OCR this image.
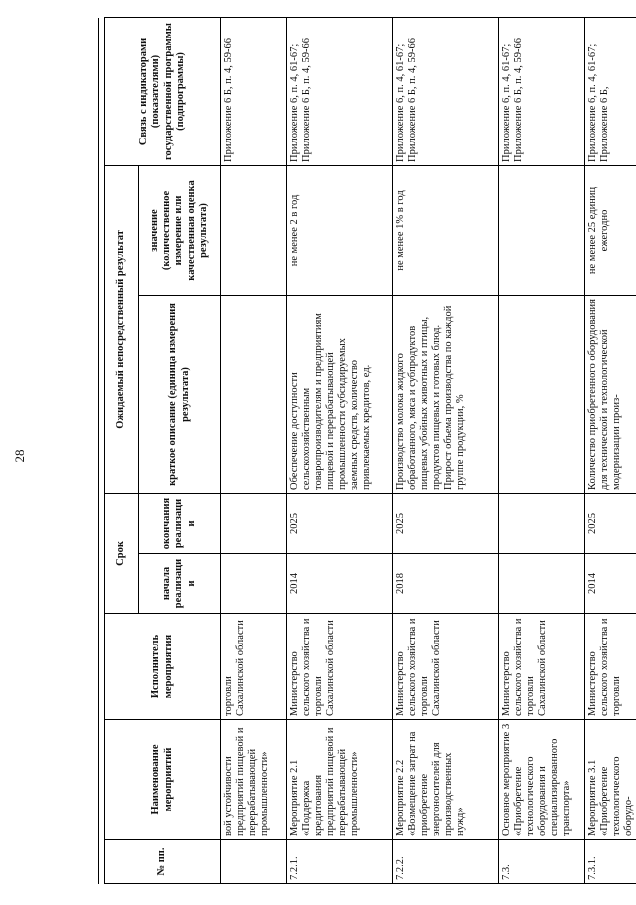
28
№ пп.	Наименование мероприятий	Исполнитель мероприятия	Срок		Ожидаемый непосредственный результат		Связь с индикаторами (показателями) государственной программы (подпрограммы)
			начала реализации	окончания реализации	краткое описание (единица измерения результата)	значение (количественное измерение или качественная оценка результата)	
	вой устойчивости предприятий пищевой и перерабатывающей промышленности»	торговли Сахалинской области					Приложение 6 Б, п. 4, 59-66
7.2.1.	Мероприятие 2.1 «Поддержка кредитования предприятий пищевой и перерабатывающей промышленности»	Министерство сельского хозяйства и торговли Сахалинской области	2014	2025	Обеспечение доступности сельскохозяйственным товаропроизводителям и предприятиям пищевой и перерабатывающей промышленности субсидируемых заемных средств, количество привлекаемых кредитов, ед.	не менее 2 в год	Приложение 6, п. 4, 61-67; Приложение 6 Б, п. 4, 59-66
7.2.2.	Мероприятие 2.2 «Возмещение затрат на приобретение энергоносителей для производственных нужд»	Министерство сельского хозяйства и торговли Сахалинской области	2018	2025	Производство молока жидкого обработанного, мяса и субпродуктов пищевых убойных животных и птицы, продуктов пищевых и готовых блюд. Прирост объема производства по каждой группе продукции, %	не менее 1% в год	Приложение 6, п. 4, 61-67; Приложение 6 Б, п. 4, 59-66
7.3.	Основное мероприятие 3 «Приобретение технологического оборудования и специализированного транспорта»	Министерство сельского хозяйства и торговли Сахалинской области					Приложение 6, п. 4, 61-67; Приложение 6 Б, п. 4, 59-66
7.3.1.	Мероприятие 3.1 «Приобретение технологического оборудо-	Министерство сельского хозяйства и торговли	2014	2025	Количество приобретенного оборудования для технической и технологической модернизации произ-	не менее 25 единиц ежегодно	Приложение 6, п. 4, 61-67; Приложение 6 Б,
